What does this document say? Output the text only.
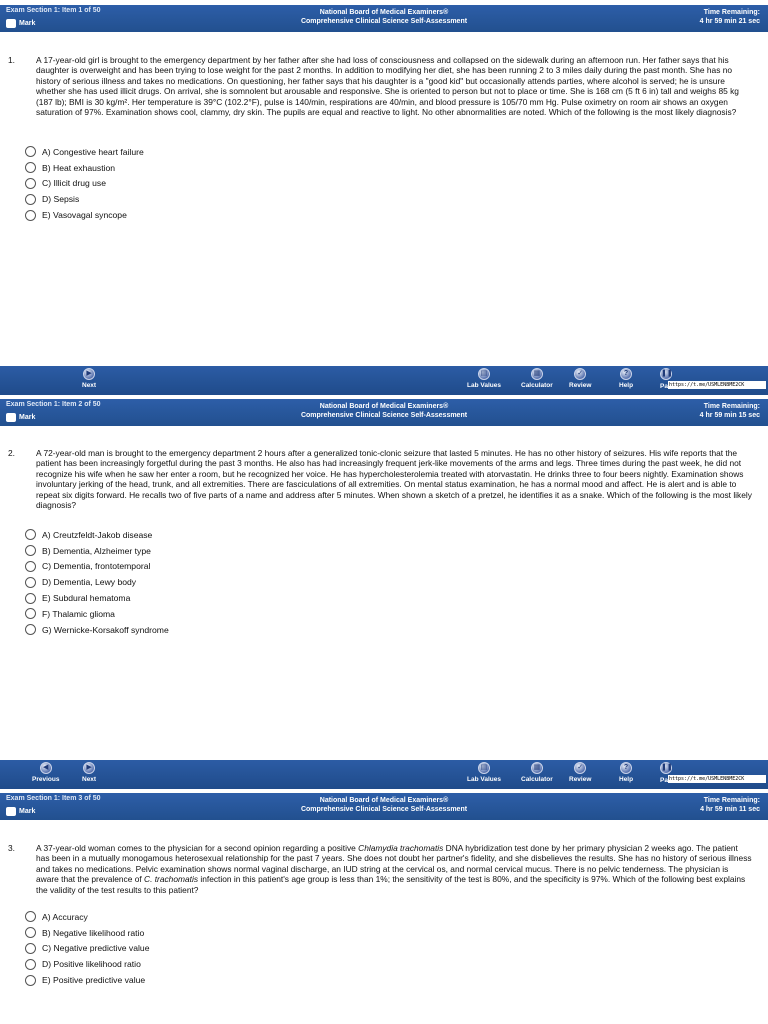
Exam Section 1: Item 1 of 50
Mark
National Board of Medical Examiners®
Comprehensive Clinical Science Self-Assessment
Time Remaining:
4 hr 59 min 21 sec
1.	A 17-year-old girl is brought to the emergency department by her father after she had loss of consciousness and collapsed on the sidewalk during an afternoon run. Her father says that his daughter is overweight and has been trying to lose weight for the past 2 months. In addition to modifying her diet, she has been running 2 to 3 miles daily during the past month. She has no history of serious illness and takes no medications. On questioning, her father says that his daughter is a "good kid" but occasionally attends parties, where alcohol is served; he is unsure whether she has used illicit drugs. On arrival, she is somnolent but arousable and responsive. She is oriented to person but not to place or time. She is 168 cm (5 ft 6 in) tall and weighs 85 kg (187 lb); BMI is 30 kg/m². Her temperature is 39°C (102.2°F), pulse is 140/min, respirations are 40/min, and blood pressure is 105/70 mm Hg. Pulse oximetry on room air shows an oxygen saturation of 97%. Examination shows cool, clammy, dry skin. The pupils are equal and reactive to light. No other abnormalities are noted. Which of the following is the most likely diagnosis?
A) Congestive heart failure
B) Heat exhaustion
C) Illicit drug use
D) Sepsis
E) Vasovagal syncope
▶
Next
▤
Lab Values
▦
Calculator
✓
Review
?
Help
❚❚
Pa https://t.me/USMLENBME2CK
Exam Section 1: Item 2 of 50
Mark
National Board of Medical Examiners®
Comprehensive Clinical Science Self-Assessment
Time Remaining:
4 hr 59 min 15 sec
2.	A 72-year-old man is brought to the emergency department 2 hours after a generalized tonic-clonic seizure that lasted 5 minutes. He has no other history of seizures. His wife reports that the patient has been increasingly forgetful during the past 3 months. He also has had increasingly frequent jerk-like movements of the arms and legs. Three times during the past week, he did not recognize his wife when he saw her enter a room, but he recognized her voice. He has hypercholesterolemia treated with atorvastatin. He drinks three to four beers nightly. Examination shows involuntary jerking of the head, trunk, and all extremities. There are fasciculations of all extremities. On mental status examination, he has a normal mood and affect. He is alert and is able to repeat six digits forward. He recalls two of five parts of a name and address after 5 minutes. When shown a sketch of a pretzel, he identifies it as a snake. Which of the following is the most likely diagnosis?
A) Creutzfeldt-Jakob disease
B) Dementia, Alzheimer type
C) Dementia, frontotemporal
D) Dementia, Lewy body
E) Subdural hematoma
F) Thalamic glioma
G) Wernicke-Korsakoff syndrome
◀
Previous
▶
Next
▤
Lab Values
▦
Calculator
✓
Review
?
Help
❚❚
Pa https://t.me/USMLENBME2CK
Exam Section 1: Item 3 of 50
Mark
National Board of Medical Examiners®
Comprehensive Clinical Science Self-Assessment
Time Remaining:
4 hr 59 min 11 sec
3.	A 37-year-old woman comes to the physician for a second opinion regarding a positive Chlamydia trachomatis DNA hybridization test done by her primary physician 2 weeks ago. The patient has been in a mutually monogamous heterosexual relationship for the past 7 years. She does not doubt her partner's fidelity, and she disbelieves the results. She has no history of serious illness and takes no medications. Pelvic examination shows normal vaginal discharge, an IUD string at the cervical os, and normal cervical mucus. There is no pelvic tenderness. The physician is aware that the prevalence of C. trachomatis infection in this patient's age group is less than 1%; the sensitivity of the test is 80%, and the specificity is 97%. Which of the following best explains the validity of the test results to this patient?
A) Accuracy
B) Negative likelihood ratio
C) Negative predictive value
D) Positive likelihood ratio
E) Positive predictive value
